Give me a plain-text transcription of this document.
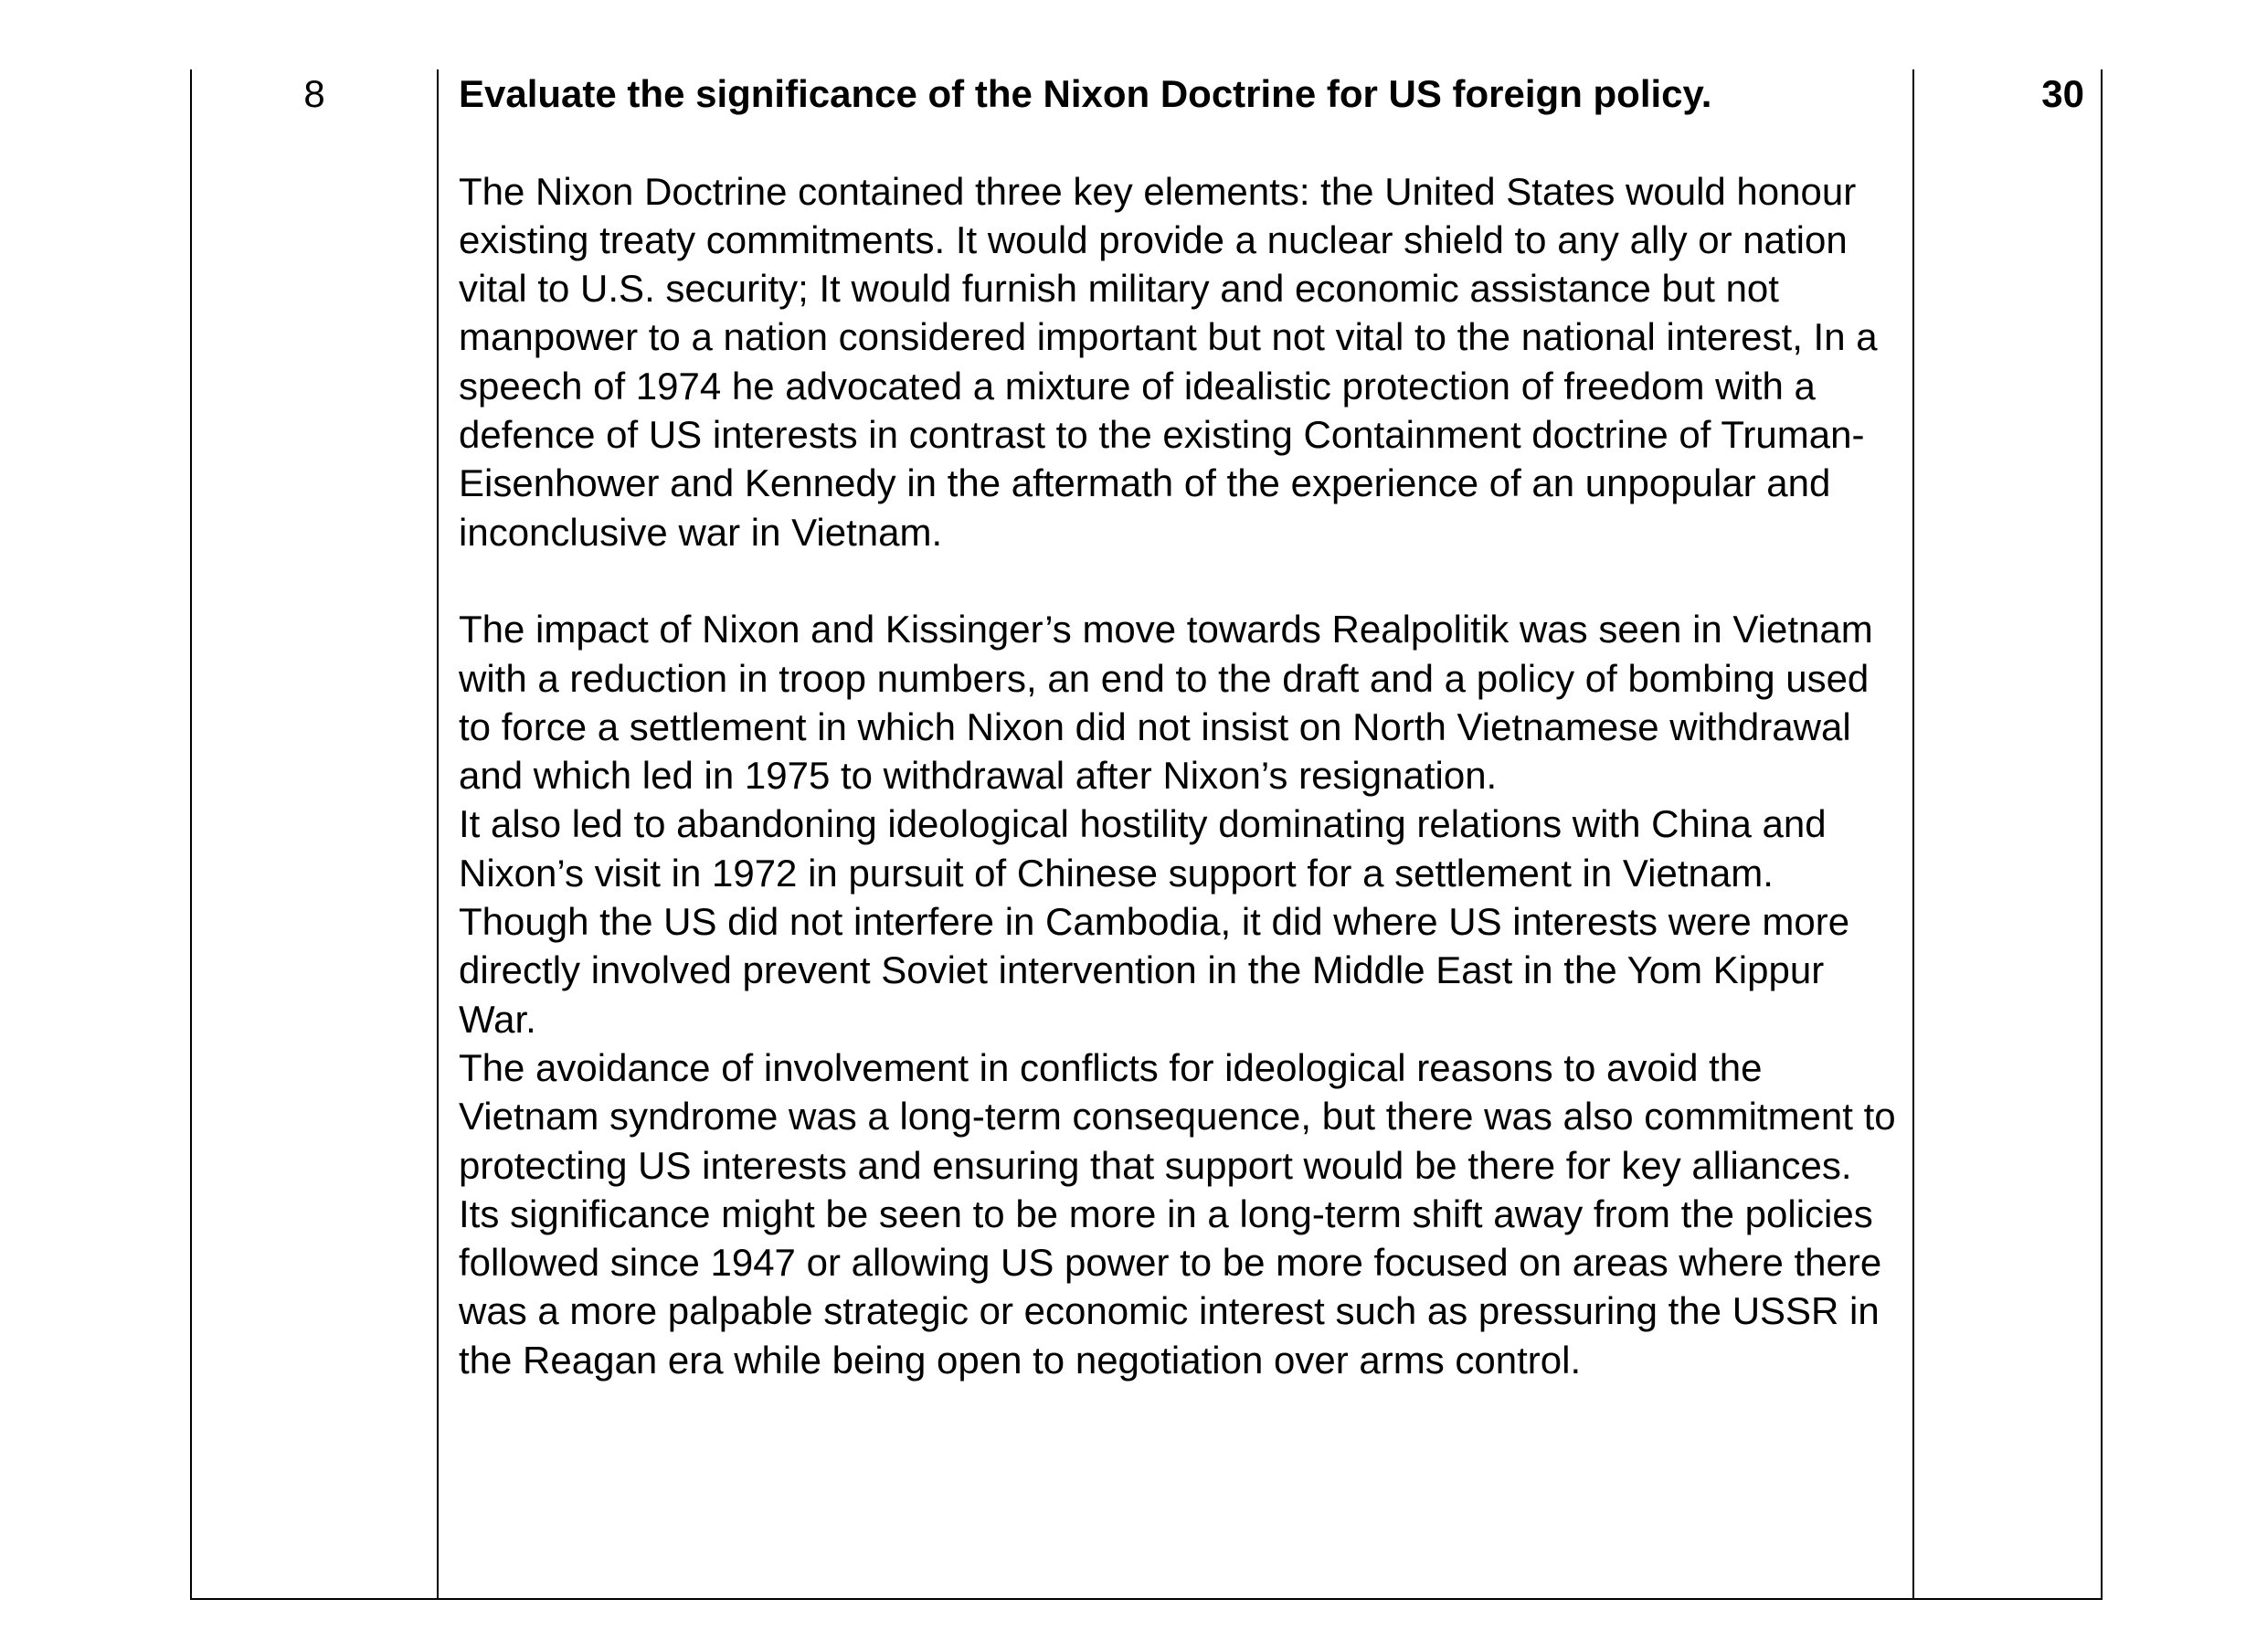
8	Evaluate the significance of the Nixon Doctrine for US foreign policy.

The Nixon Doctrine contained three key elements: the United States would honour existing treaty commitments. It would provide a nuclear shield to any ally or nation vital to U.S. security; It would furnish military and economic assistance but not manpower to a nation considered important but not vital to the national interest, In a speech of 1974 he advocated a mixture of idealistic protection of freedom with a defence of US interests in contrast to the existing Containment doctrine of Truman-Eisenhower and Kennedy in the aftermath of the experience of an unpopular and inconclusive war in Vietnam.

The impact of Nixon and Kissinger’s move towards Realpolitik was seen in Vietnam with a reduction in troop numbers, an end to the draft and a policy of bombing used to force a settlement in which Nixon did not insist on North Vietnamese withdrawal and which led in 1975 to withdrawal after Nixon’s resignation.

It also led to abandoning ideological hostility dominating relations with China and Nixon’s visit in 1972 in pursuit of Chinese support for a settlement in Vietnam. Though the US did not interfere in Cambodia, it did where US interests were more directly involved prevent Soviet intervention in the Middle East in the Yom Kippur War.

The avoidance of involvement in conflicts for ideological reasons to avoid the Vietnam syndrome was a long-term consequence, but there was also commitment to protecting US interests and ensuring that support would be there for key alliances.

Its significance might be seen to be more in a long-term shift away from the policies followed since 1947 or allowing US power to be more focused on areas where there was a more palpable strategic or economic interest such as pressuring the USSR in the Reagan era while being open to negotiation over arms control.

30
